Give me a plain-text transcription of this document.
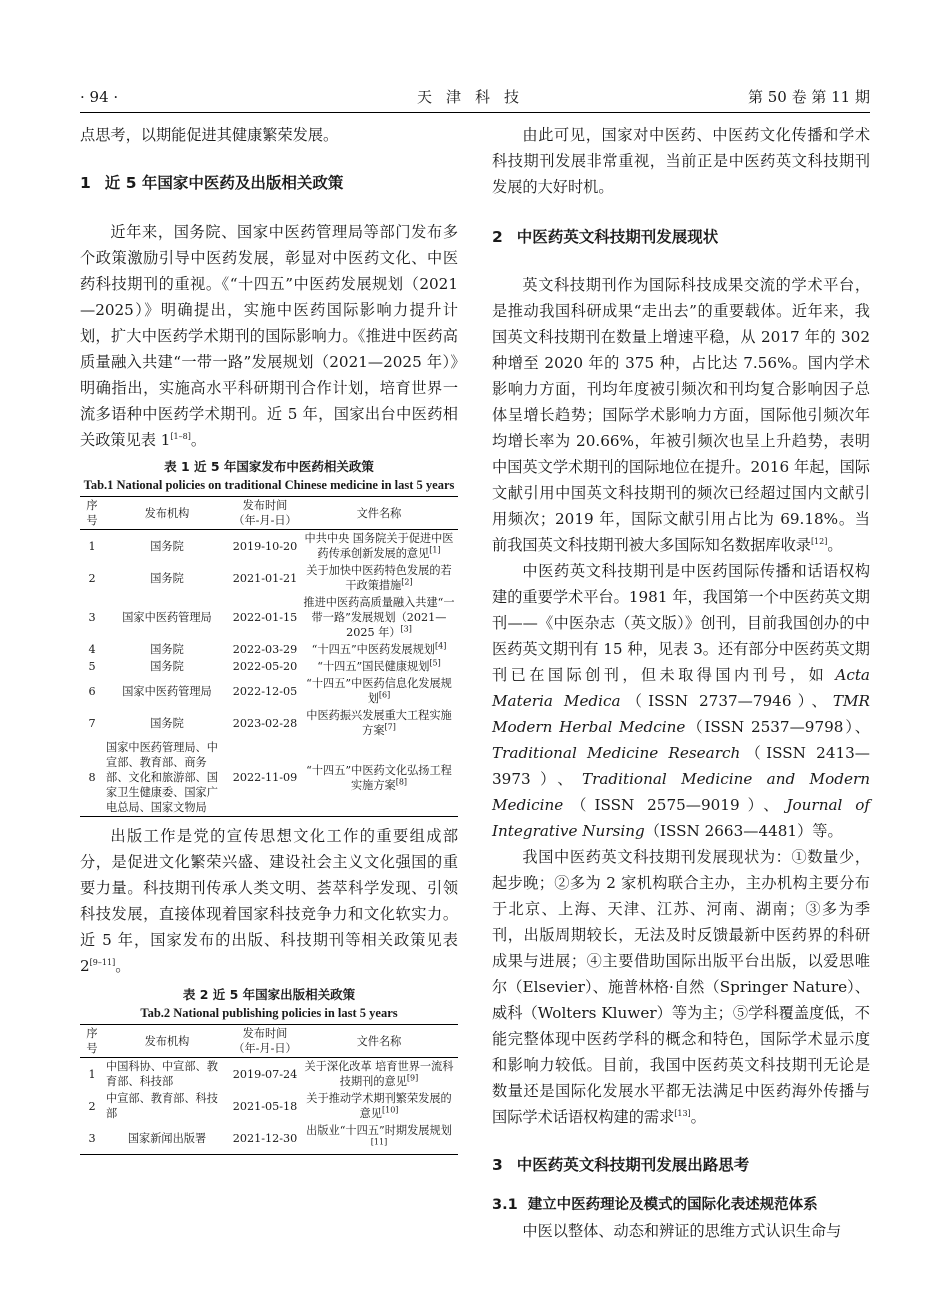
· 94 ·	天津科技	第 50 卷 第 11 期

点思考，以期能促进其健康繁荣发展。

1 近 5 年国家中医药及出版相关政策

近年来，国务院、国家中医药管理局等部门发布多个政策激励引导中医药发展，彰显对中医药文化、中医药科技期刊的重视。《“十四五”中医药发展规划（2021—2025）》明确提出，实施中医药国际影响力提升计划，扩大中医药学术期刊的国际影响力。《推进中医药高质量融入共建“一带一路”发展规划（2021—2025 年）》明确指出，实施高水平科研期刊合作计划，培育世界一流多语种中医药学术期刊。近 5 年，国家出台中医药相关政策见表 1[1–8]。

表 1 近 5 年国家发布中医药相关政策
Tab.1 National policies on traditional Chinese medicine in last 5 years
序号	发布机构	发布时间（年-月-日）	文件名称
1	国务院	2019-10-20	中共中央 国务院关于促进中医药传承创新发展的意见[1]
2	国务院	2021-01-21	关于加快中医药特色发展的若干政策措施[2]
3	国家中医药管理局	2022-01-15	推进中医药高质量融入共建“一带一路”发展规划（2021—2025 年）[3]
4	国务院	2022-03-29	“十四五”中医药发展规划[4]
5	国务院	2022-05-20	“十四五”国民健康规划[5]
6	国家中医药管理局	2022-12-05	“十四五”中医药信息化发展规划[6]
7	国务院	2023-02-28	中医药振兴发展重大工程实施方案[7]
8	国家中医药管理局、中宣部、教育部、商务部、文化和旅游部、国家卫生健康委、国家广电总局、国家文物局	2022-11-09	“十四五”中医药文化弘扬工程实施方案[8]

出版工作是党的宣传思想文化工作的重要组成部分，是促进文化繁荣兴盛、建设社会主义文化强国的重要力量。科技期刊传承人类文明、荟萃科学发现、引领科技发展，直接体现着国家科技竞争力和文化软实力。近 5 年，国家发布的出版、科技期刊等相关政策见表 2[9–11]。

表 2 近 5 年国家出版相关政策
Tab.2 National publishing policies in last 5 years
序号	发布机构	发布时间（年-月-日）	文件名称
1	中国科协、中宣部、教育部、科技部	2019-07-24	关于深化改革 培育世界一流科技期刊的意见[9]
2	中宣部、教育部、科技部	2021-05-18	关于推动学术期刊繁荣发展的意见[10]
3	国家新闻出版署	2021-12-30	出版业“十四五”时期发展规划[11]

由此可见，国家对中医药、中医药文化传播和学术科技期刊发展非常重视，当前正是中医药英文科技期刊发展的大好时机。

2 中医药英文科技期刊发展现状

英文科技期刊作为国际科技成果交流的学术平台，是推动我国科研成果“走出去”的重要载体。近年来，我国英文科技期刊在数量上增速平稳，从 2017 年的 302 种增至 2020 年的 375 种，占比达 7.56%。国内学术影响力方面，刊均年度被引频次和刊均复合影响因子总体呈增长趋势；国际学术影响力方面，国际他引频次年均增长率为 20.66%，年被引频次也呈上升趋势，表明中国英文学术期刊的国际地位在提升。2016 年起，国际文献引用中国英文科技期刊的频次已经超过国内文献引用频次；2019 年，国际文献引用占比为 69.18%。当前我国英文科技期刊被大多国际知名数据库收录[12]。

中医药英文科技期刊是中医药国际传播和话语权构建的重要学术平台。1981 年，我国第一个中医药英文期刊——《中医杂志（英文版）》创刊，目前我国创办的中医药英文期刊有 15 种，见表 3。还有部分中医药英文期刊已在国际创刊，但未取得国内刊号，如 Acta Materia Medica（ISSN 2737—7946）、TMR Modern Herbal Medcine（ISSN 2537—9798）、Traditional Medicine Research（ISSN 2413—3973）、Traditional Medicine and Modern Medicine（ISSN 2575—9019）、Journal of Integrative Nursing（ISSN 2663—4481）等。

我国中医药英文科技期刊发展现状为：①数量少，起步晚；②多为 2 家机构联合主办，主办机构主要分布于北京、上海、天津、江苏、河南、湖南；③多为季刊，出版周期较长，无法及时反馈最新中医药界的科研成果与进展；④主要借助国际出版平台出版，以爱思唯尔（Elsevier）、施普林格·自然（Springer Nature）、威科（Wolters Kluwer）等为主；⑤学科覆盖度低，不能完整体现中医药学科的概念和特色，国际学术显示度和影响力较低。目前，我国中医药英文科技期刊无论是数量还是国际化发展水平都无法满足中医药海外传播与国际学术话语权构建的需求[13]。

3 中医药英文科技期刊发展出路思考
3.1 建立中医药理论及模式的国际化表述规范体系

中医以整体、动态和辨证的思维方式认识生命与
